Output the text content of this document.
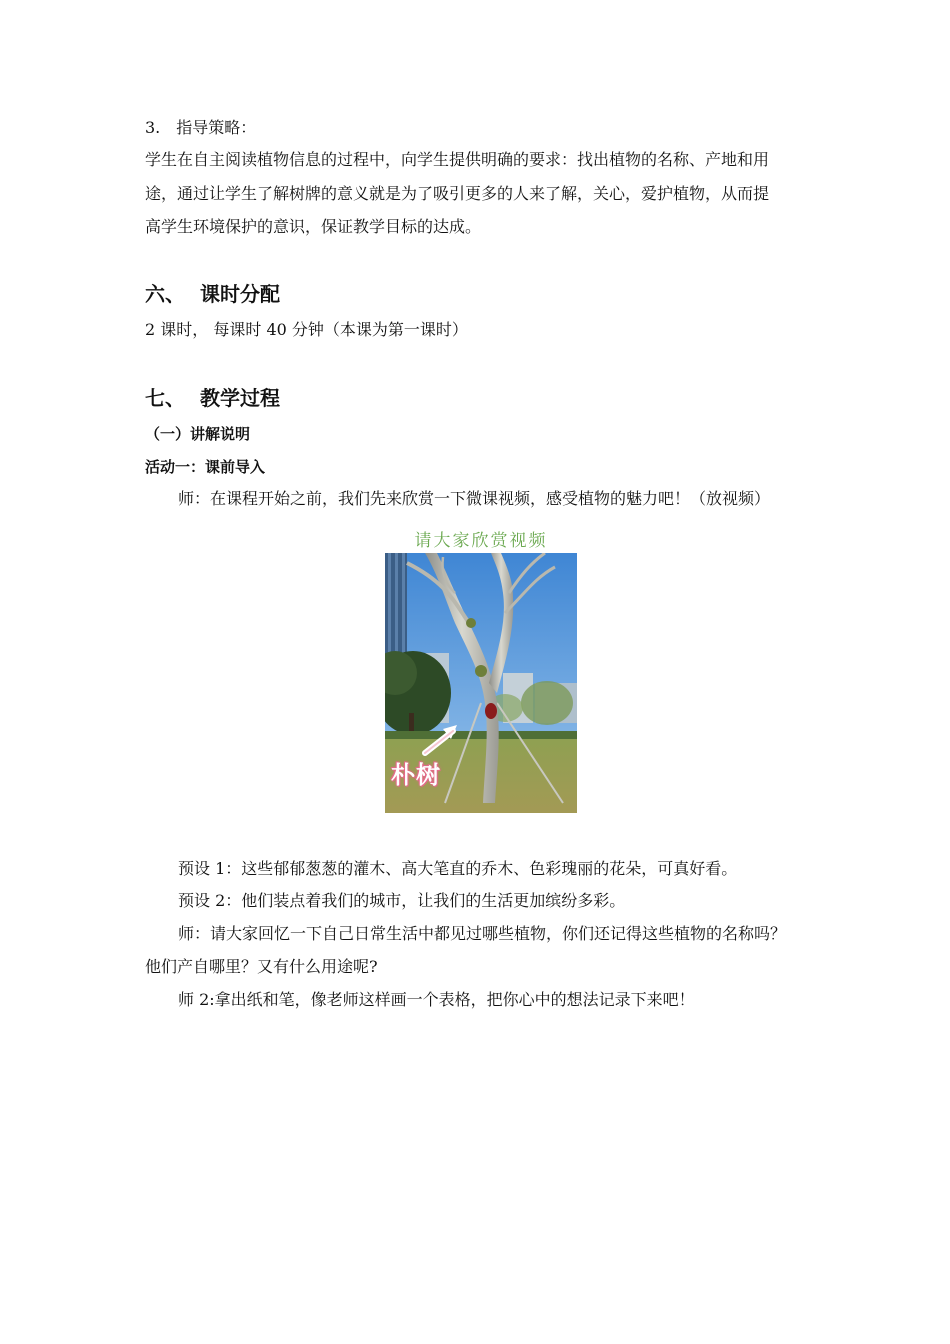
3.　指导策略：
学生在自主阅读植物信息的过程中，向学生提供明确的要求：找出植物的名称、产地和用
途，通过让学生了解树牌的意义就是为了吸引更多的人来了解，关心，爱护植物，从而提
高学生环境保护的意识，保证教学目标的达成。
六、 课时分配
2 课时， 每课时 40 分钟（本课为第一课时）
七、 教学过程
（一）讲解说明
活动一：课前导入
师：在课程开始之前，我们先来欣赏一下微课视频，感受植物的魅力吧！（放视频）
请大家欣赏视频
朴树
预设 1：这些郁郁葱葱的灌木、高大笔直的乔木、色彩瑰丽的花朵，可真好看。
预设 2：他们装点着我们的城市，让我们的生活更加缤纷多彩。
师：请大家回忆一下自己日常生活中都见过哪些植物，你们还记得这些植物的名称吗？
他们产自哪里？又有什么用途呢?
师 2:拿出纸和笔，像老师这样画一个表格，把你心中的想法记录下来吧！
